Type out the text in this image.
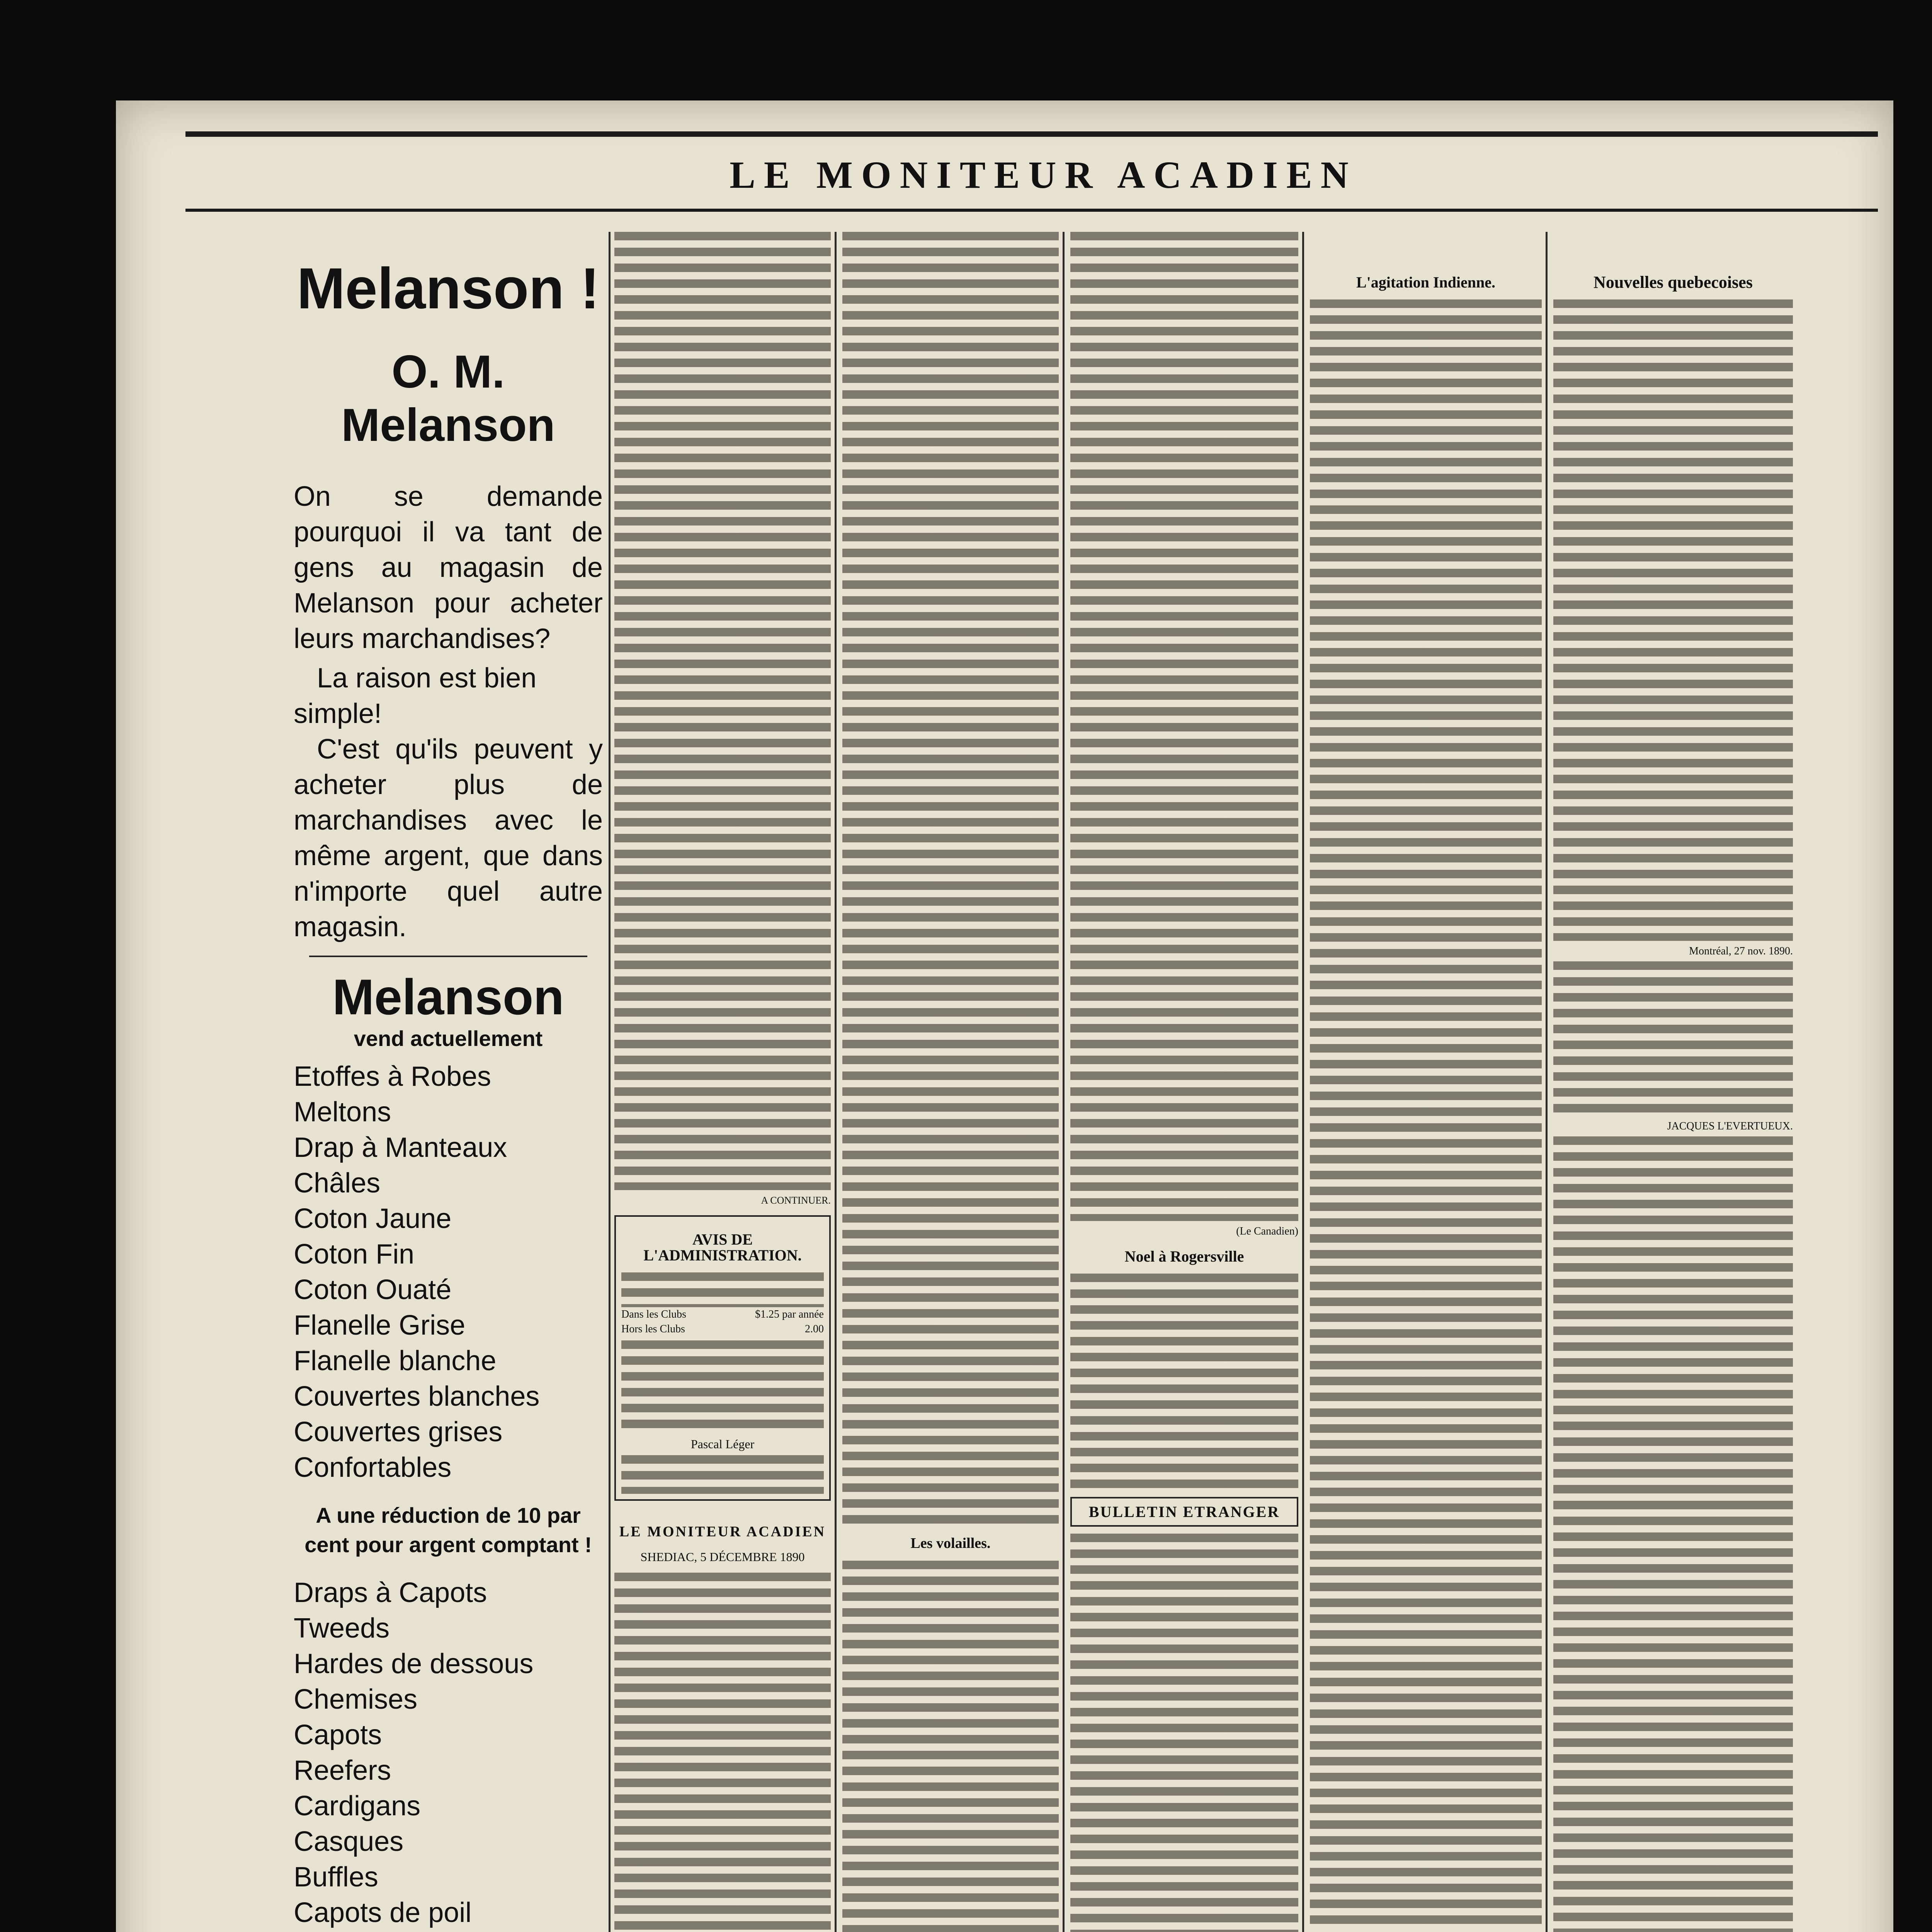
LE MONITEUR ACADIEN
Melanson !
O. M. Melanson
On se demande pourquoi il va tant de gens au magasin de Melanson pour acheter leurs marchandises?
La raison est bien simple!
C'est qu'ils peuvent y acheter plus de marchandises avec le même argent, que dans n'importe quel autre magasin.
Melanson
vend actuellement
Etoffes à Robes
Meltons
Drap à Manteaux
Châles
Coton Jaune
Coton Fin
Coton Ouaté
Flanelle Grise
Flanelle blanche
Couvertes blanches
Couvertes grises
Confortables
A une réduction de 10 par cent pour argent comptant !
Draps à Capots
Tweeds
Hardes de dessous
Chemises
Capots
Reefers
Cardigans
Casques
Buffles
Capots de poil
A CONTINUER.
AVIS DE L'ADMINISTRATION.
Dans les Clubs	$1.25 par année
Hors les Clubs	2.00
Pascal Léger
LE MONITEUR ACADIEN
SHEDIAC, 5 DÉCEMBRE 1890
Les volailles.
(Le Canadien)
Noel à Rogersville
BULLETIN ETRANGER
L'agitation Indienne.	Nouvelles quebecoises
Montréal, 27 nov. 1890.
JACQUES L'EVERTUEUX.
